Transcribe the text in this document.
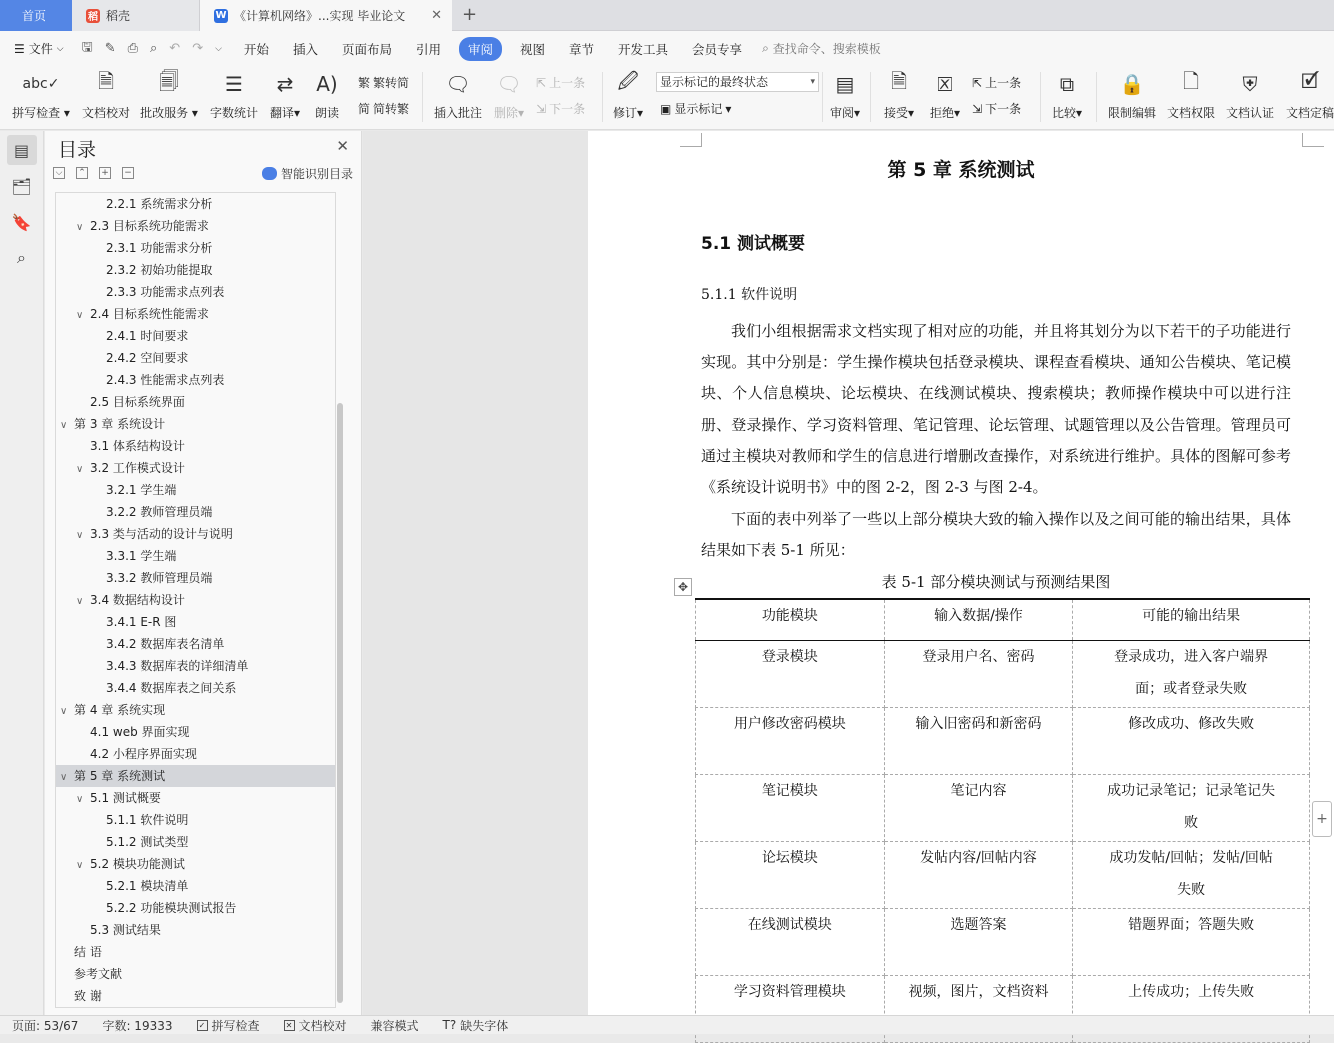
首页	稻 稻壳	W 《计算机网络》...实现 毕业论文 ✕ +
☰ 文件 ⌵ 🖫 ✎ ⎙ ⌕ ↶ ↷ ⌵	开始	插入	页面布局	引用	审阅	视图	章节	开发工具	会员专享	⌕ 查找命令、搜索模板
abc✓
拼写检查 ▾
🗎
文档校对
🗐
批改服务 ▾
☰
字数统计
⇄
翻译▾
A)
朗读
繁 繁转简
简 简转繁
🗨
插入批注
🗨
删除▾
⇱ 上一条
⇲ 下一条
🖉
修订▾ ▣ 显示标记 ▾
▤
审阅▾
🗎
接受▾
🗵
拒绝▾
⇱ 上一条
⇲ 下一条
⧉
比较▾
🔒
限制编辑
🗋
文档权限
⛨
文档认证
🗹
文档定稿
显示标记的最终状态	▾
▤
🗂
🔖
⌕
目录	✕
⌵ ⌃ + −	智能识别目录
2.2.1 系统需求分析
∨ 2.3 目标系统功能需求
2.3.1 功能需求分析
2.3.2 初始功能提取
2.3.3 功能需求点列表
∨ 2.4 目标系统性能需求
2.4.1 时间要求
2.4.2 空间要求
2.4.3 性能需求点列表
2.5 目标系统界面
∨ 第 3 章 系统设计
3.1 体系结构设计
∨ 3.2 工作模式设计
3.2.1 学生端
3.2.2 教师管理员端
∨ 3.3 类与活动的设计与说明
3.3.1 学生端
3.3.2 教师管理员端
∨ 3.4 数据结构设计
3.4.1 E-R 图
3.4.2 数据库表名清单
3.4.3 数据库表的详细清单
3.4.4 数据库表之间关系
∨ 第 4 章 系统实现
4.1 web 界面实现
4.2 小程序界面实现
∨ 第 5 章 系统测试
∨ 5.1 测试概要
5.1.1 软件说明
5.1.2 测试类型
∨ 5.2 模块功能测试
5.2.1 模块清单
5.2.2 功能模块测试报告
5.3 测试结果
结 语
参考文献
致 谢
第 5 章 系统测试
5.1 测试概要
5.1.1 软件说明
我们小组根据需求文档实现了相对应的功能，并且将其划分为以下若干的子功能进行实现。其中分别是：学生操作模块包括登录模块、课程查看模块、通知公告模块、笔记模块、个人信息模块、论坛模块、在线测试模块、搜索模块；教师操作模块中可以进行注册、登录操作、学习资料管理、笔记管理、论坛管理、试题管理以及公告管理。管理员可通过主模块对教师和学生的信息进行增删改查操作，对系统进行维护。具体的图解可参考《系统设计说明书》中的图 2-2，图 2-3 与图 2-4。
下面的表中列举了一些以上部分模块大致的输入操作以及之间可能的输出结果，具体结果如下表 5-1 所见：
表 5-1 部分模块测试与预测结果图
✥
功能模块	输入数据/操作	可能的输出结果
登录模块	登录用户名、密码	登录成功，进入客户端界面；或者登录失败
用户修改密码模块	输入旧密码和新密码	修改成功、修改失败
笔记模块	笔记内容	成功记录笔记；记录笔记失败
论坛模块	发帖内容/回帖内容	成功发帖/回帖；发帖/回帖失败
在线测试模块	选题答案	错题界面；答题失败
学习资料管理模块	视频，图片，文档资料	上传成功；上传失败
+
页面: 53/67	字数: 19333	✓ 拼写检查	✕ 文档校对	兼容模式	T? 缺失字体
